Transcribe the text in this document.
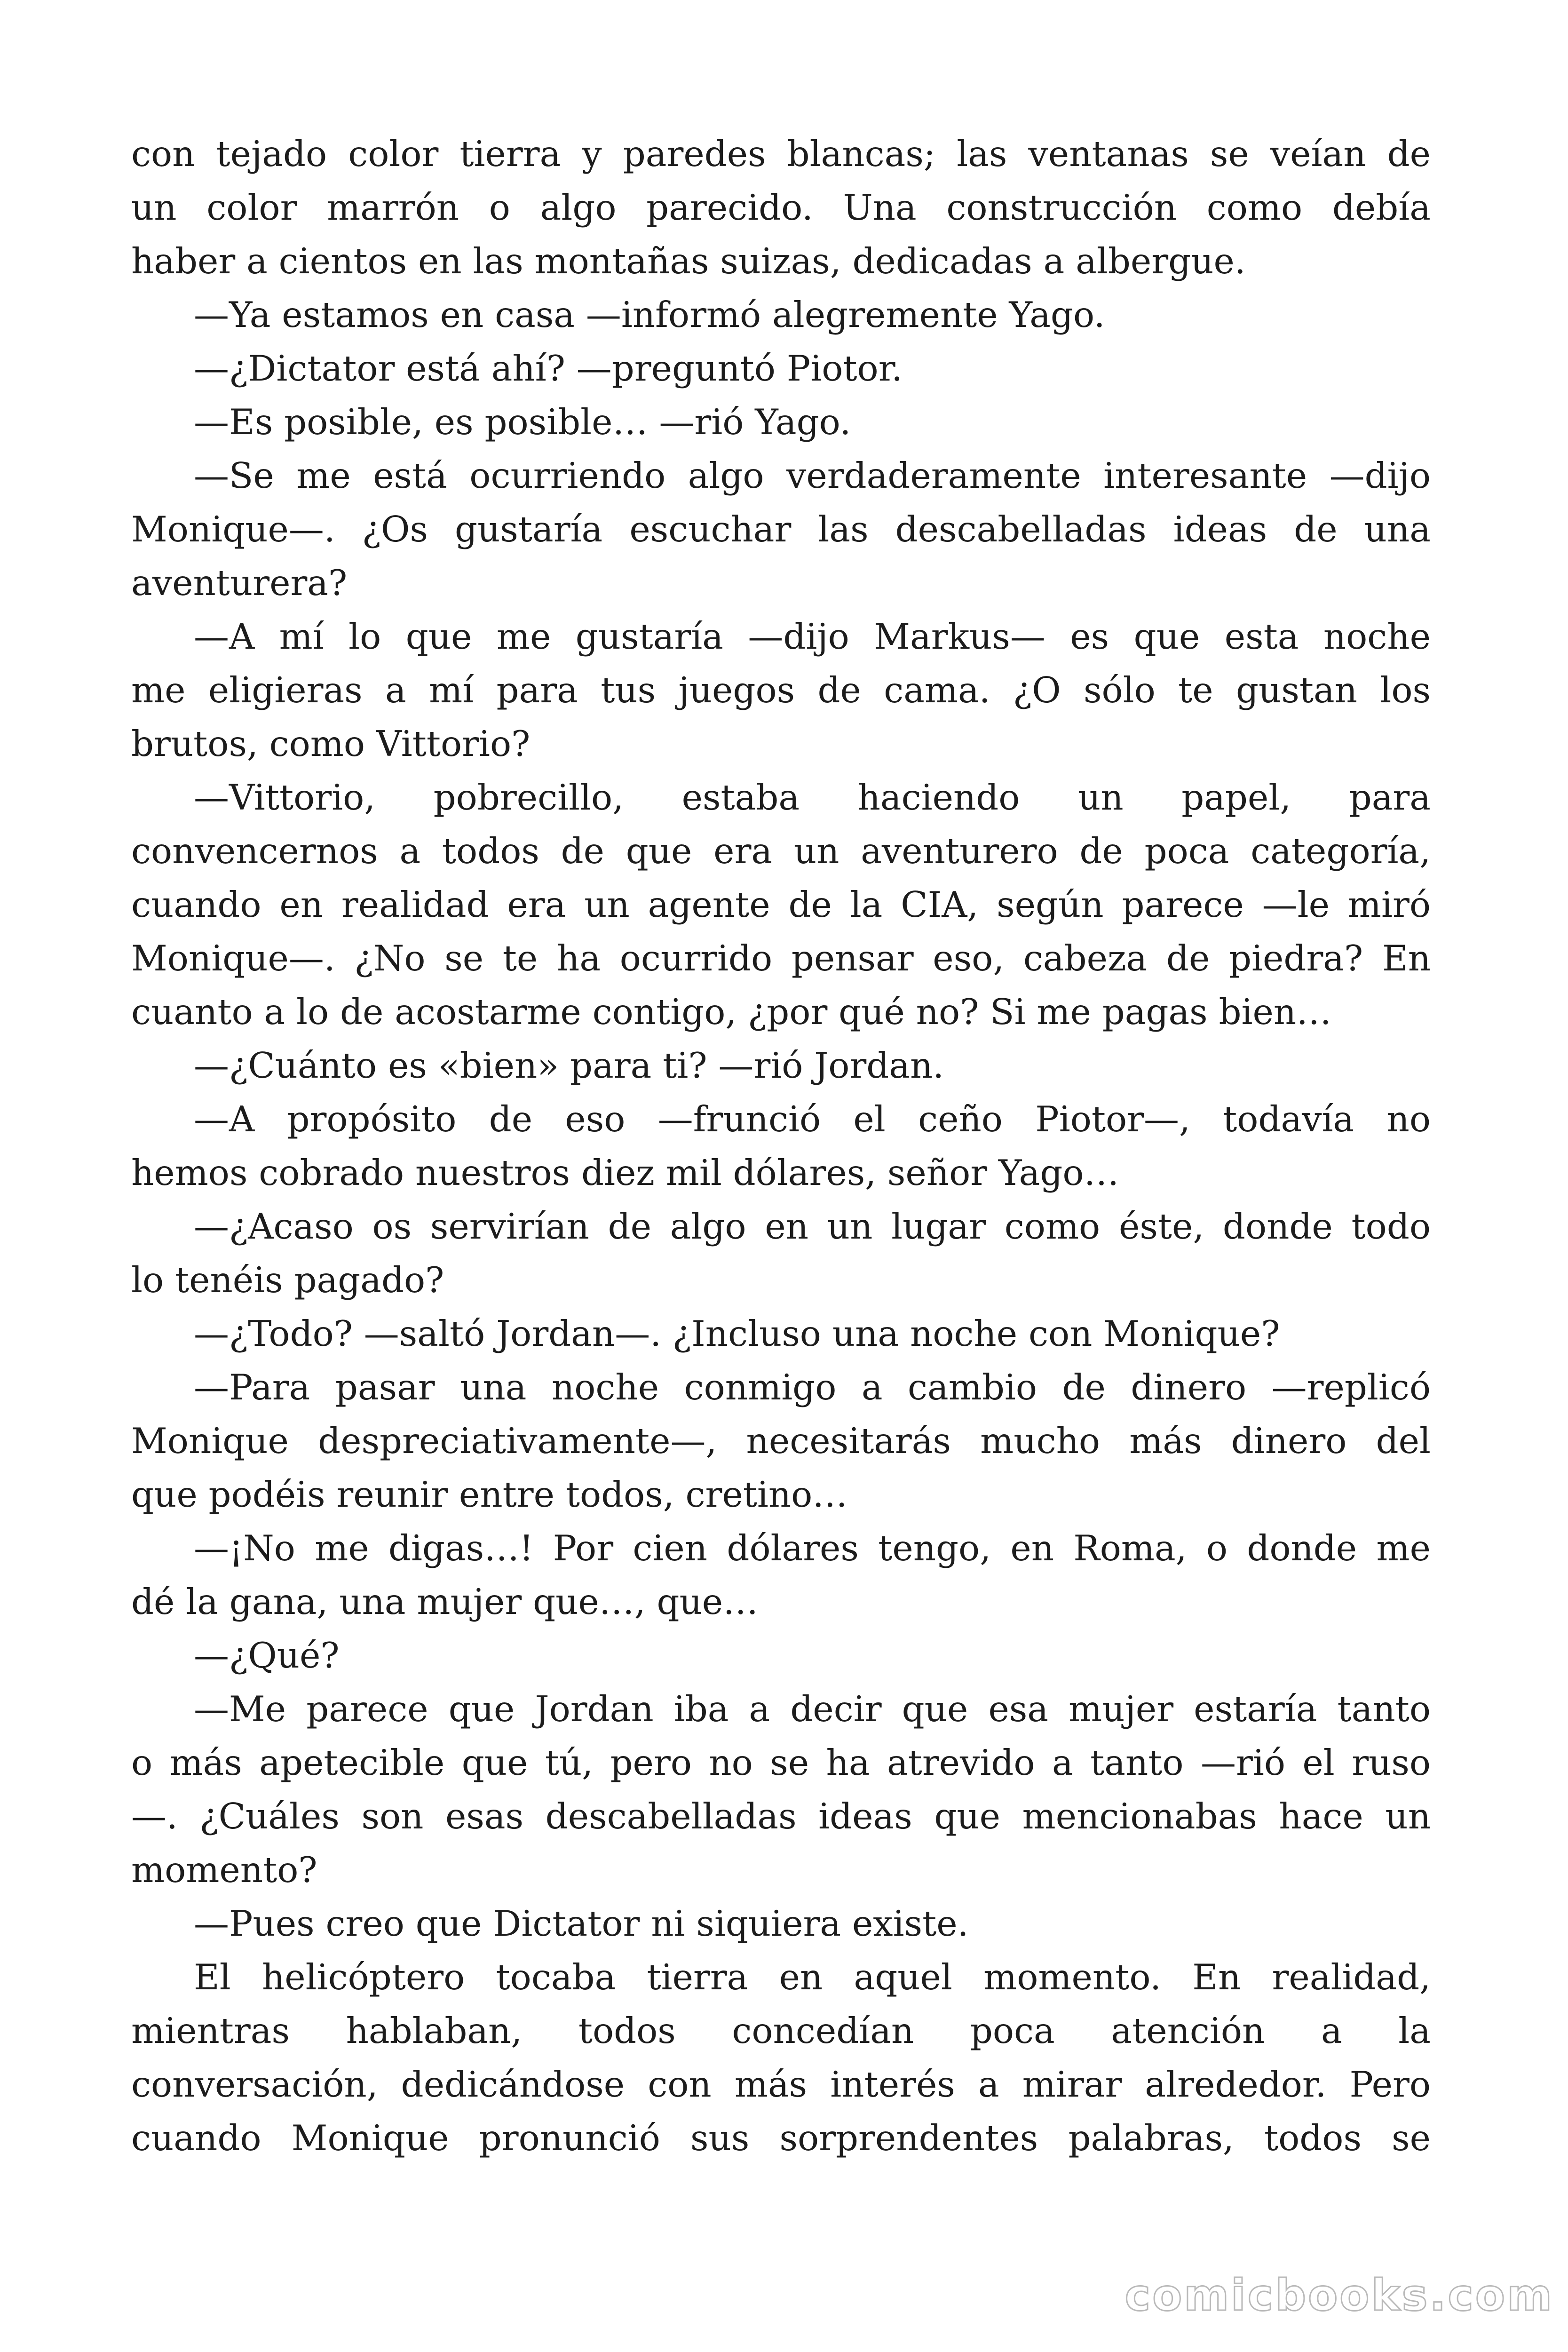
con tejado color tierra y paredes blancas; las ventanas se veían de
un color marrón o algo parecido. Una construcción como debía
haber a cientos en las montañas suizas, dedicadas a albergue.
—Ya estamos en casa —informó alegremente Yago.
—¿Dictator está ahí? —preguntó Piotor.
—Es posible, es posible… —rió Yago.
—Se me está ocurriendo algo verdaderamente interesante —dijo
Monique—. ¿Os gustaría escuchar las descabelladas ideas de una
aventurera?
—A mí lo que me gustaría —dijo Markus— es que esta noche
me eligieras a mí para tus juegos de cama. ¿O sólo te gustan los
brutos, como Vittorio?
—Vittorio, pobrecillo, estaba haciendo un papel, para
convencernos a todos de que era un aventurero de poca categoría,
cuando en realidad era un agente de la CIA, según parece —le miró
Monique—. ¿No se te ha ocurrido pensar eso, cabeza de piedra? En
cuanto a lo de acostarme contigo, ¿por qué no? Si me pagas bien…
—¿Cuánto es «bien» para ti? —rió Jordan.
—A propósito de eso —frunció el ceño Piotor—, todavía no
hemos cobrado nuestros diez mil dólares, señor Yago…
—¿Acaso os servirían de algo en un lugar como éste, donde todo
lo tenéis pagado?
—¿Todo? —saltó Jordan—. ¿Incluso una noche con Monique?
—Para pasar una noche conmigo a cambio de dinero —replicó
Monique despreciativamente—, necesitarás mucho más dinero del
que podéis reunir entre todos, cretino…
—¡No me digas…! Por cien dólares tengo, en Roma, o donde me
dé la gana, una mujer que…, que…
—¿Qué?
—Me parece que Jordan iba a decir que esa mujer estaría tanto
o más apetecible que tú, pero no se ha atrevido a tanto —rió el ruso
—. ¿Cuáles son esas descabelladas ideas que mencionabas hace un
momento?
—Pues creo que Dictator ni siquiera existe.
El helicóptero tocaba tierra en aquel momento. En realidad,
mientras hablaban, todos concedían poca atención a la
conversación, dedicándose con más interés a mirar alrededor. Pero
cuando Monique pronunció sus sorprendentes palabras, todos se
comicbooks.com
